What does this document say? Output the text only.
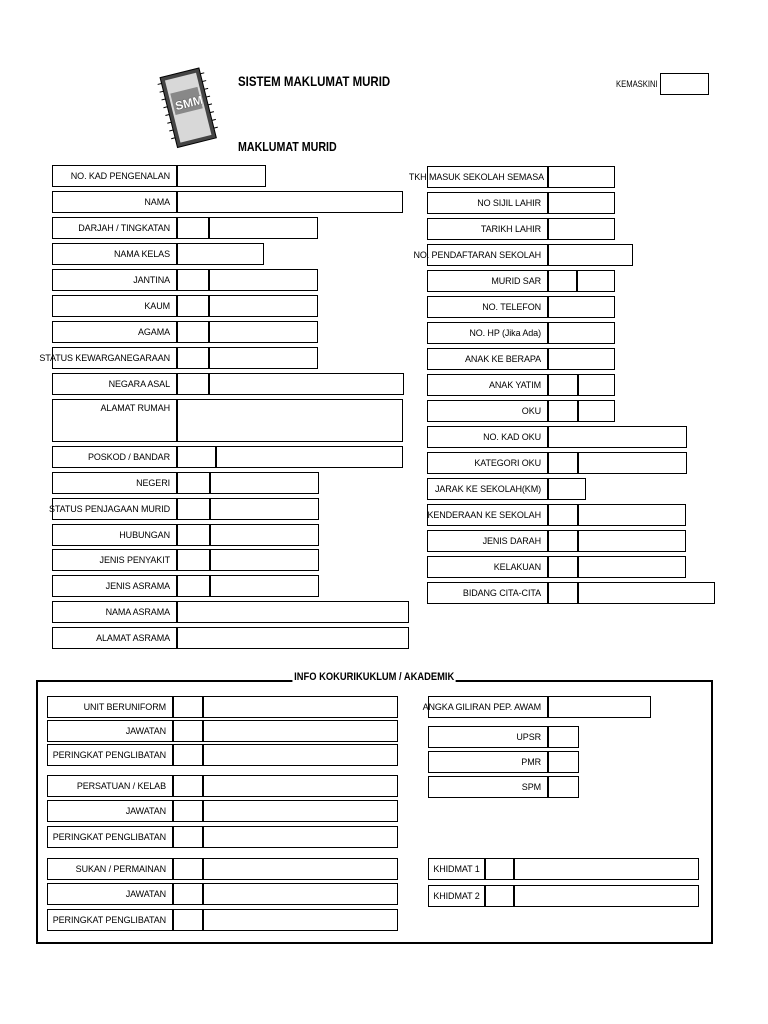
SMM
SISTEM MAKLUMAT MURID
MAKLUMAT MURID
KEMASKINI
NO. KAD PENGENALAN
NAMA
DARJAH / TINGKATAN
NAMA KELAS
JANTINA
KAUM
AGAMA
STATUS KEWARGANEGARAAN
NEGARA ASAL
ALAMAT RUMAH
POSKOD / BANDAR
NEGERI
STATUS PENJAGAAN MURID
HUBUNGAN
JENIS PENYAKIT
JENIS ASRAMA
NAMA ASRAMA
ALAMAT ASRAMA
TKH MASUK SEKOLAH SEMASA
NO SIJIL LAHIR
TARIKH LAHIR
NO. PENDAFTARAN SEKOLAH
MURID SAR
NO. TELEFON
NO. HP (Jika Ada)
ANAK KE BERAPA
ANAK YATIM
OKU
NO. KAD OKU
KATEGORI OKU
JARAK KE SEKOLAH(KM)
KENDERAAN KE SEKOLAH
JENIS DARAH
KELAKUAN
BIDANG CITA-CITA
INFO KOKURIKUKLUM / AKADEMIK
UNIT BERUNIFORM
JAWATAN
PERINGKAT PENGLIBATAN
PERSATUAN / KELAB
JAWATAN
PERINGKAT PENGLIBATAN
SUKAN / PERMAINAN
JAWATAN
PERINGKAT PENGLIBATAN
ANGKA GILIRAN PEP. AWAM
UPSR
PMR
SPM
KHIDMAT 1
KHIDMAT 2
